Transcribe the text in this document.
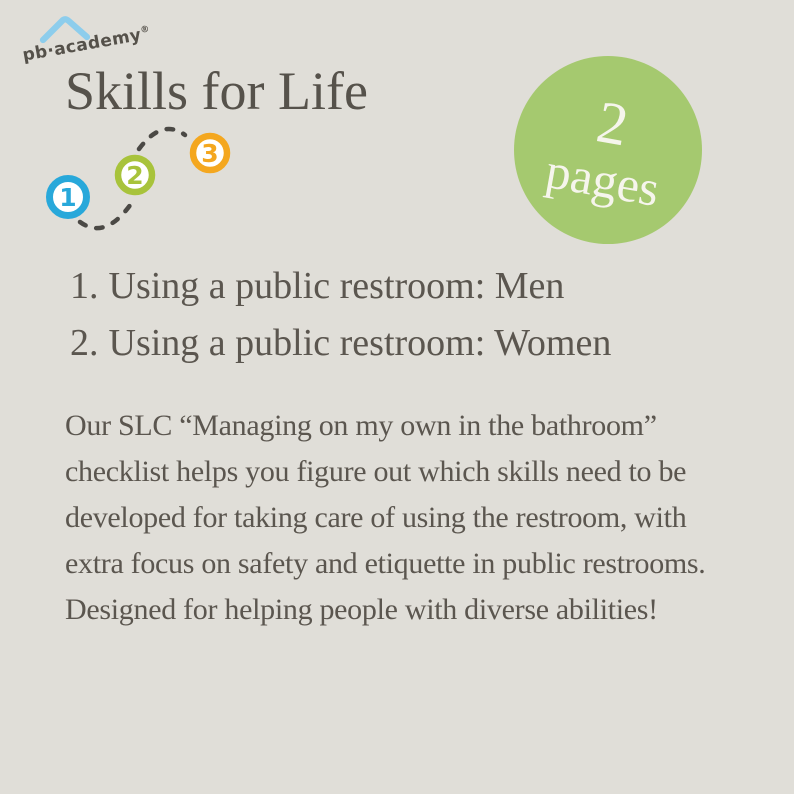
pb·academy®
Skills for Life
1
2
3	2
pages
1. Using a public restroom: Men
2. Using a public restroom: Women
Our SLC “Managing on my own in the bathroom”
checklist helps you figure out which skills need to be
developed for taking care of using the restroom, with
extra focus on safety and etiquette in public restrooms.
Designed for helping people with diverse abilities!
